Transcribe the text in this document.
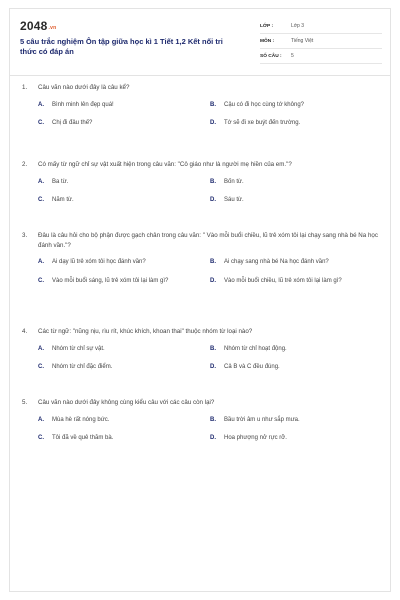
2048.vn
5 câu trắc nghiệm Ôn tập giữa học kì 1 Tiết 1,2 Kết nối tri thức có đáp án
LỚP :	Lớp 3
MÔN :	Tiếng Việt
SỐ CÂU :	5
1. Câu văn nào dưới đây là câu kể?
A.	Bình minh lên đẹp quá!	B.	Cậu có đi học cùng tớ không?
C.	Chị đi đâu thế?	D.	Tớ sẽ đi xe buýt đến trường.
2. Có mấy từ ngữ chỉ sự vật xuất hiện trong câu văn: "Cô giáo như là người mẹ hiền của em."?
A.	Ba từ.	B.	Bốn từ.
C.	Năm từ.	D.	Sáu từ.
3. Đâu là câu hỏi cho bộ phận được gạch chân trong câu văn: " Vào mỗi buổi chiều, lũ trẻ xóm tôi lại chạy sang nhà bé Na học đánh vần."?
A.	Ai dạy lũ trẻ xóm tôi học đánh vần?	B.	Ai chạy sang nhà bé Na học đánh vần?
C.	Vào mỗi buổi sáng, lũ trẻ xóm tôi lại làm gì?	D.	Vào mỗi buổi chiều, lũ trẻ xóm tôi lại làm gì?
4. Các từ ngữ: "nũng nịu, rìu rít, khúc khích, khoan thai" thuộc nhóm từ loại nào?
A.	Nhóm từ chỉ sự vật.	B.	Nhóm từ chỉ hoạt động.
C.	Nhóm từ chỉ đặc điểm.	D.	Cả B và C đều đúng.
5. Câu văn nào dưới đây không cùng kiểu câu với các câu còn lại?
A.	Mùa hè rất nóng bức.	B.	Bầu trời âm u như sắp mưa.
C.	Tôi đã về quê thăm bà.	D.	Hoa phượng nở rực rỡ.
